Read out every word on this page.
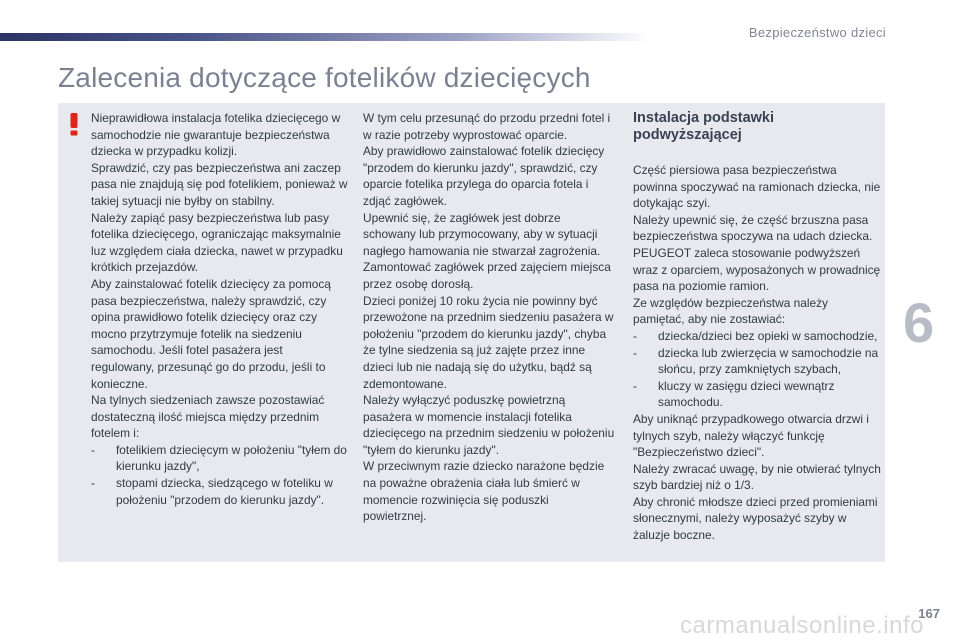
Bezpieczeństwo dzieci
Zalecenia dotyczące fotelików dziecięcych

Nieprawidłowa instalacja fotelika dziecięcego w samochodzie nie gwarantuje bezpieczeństwa dziecka w przypadku kolizji.

Sprawdzić, czy pas bezpieczeństwa ani zaczep pasa nie znajdują się pod fotelikiem, ponieważ w takiej sytuacji nie byłby on stabilny.

Należy zapiąć pasy bezpieczeństwa lub pasy fotelika dziecięcego, ograniczając maksymalnie luz względem ciała dziecka, nawet w przypadku krótkich przejazdów.

Aby zainstalować fotelik dziecięcy za pomocą pasa bezpieczeństwa, należy sprawdzić, czy opina prawidłowo fotelik dziecięcy oraz czy mocno przytrzymuje fotelik na siedzeniu samochodu. Jeśli fotel pasażera jest regulowany, przesunąć go do przodu, jeśli to konieczne.

Na tylnych siedzeniach zawsze pozostawiać dostateczną ilość miejsca między przednim fotelem i:

- fotelikiem dziecięcym w położeniu "tyłem do kierunku jazdy",
- stopami dziecka, siedzącego w foteliku w położeniu "przodem do kierunku jazdy".

W tym celu przesunąć do przodu przedni fotel i w razie potrzeby wyprostować oparcie.

Aby prawidłowo zainstalować fotelik dziecięcy "przodem do kierunku jazdy", sprawdzić, czy oparcie fotelika przylega do oparcia fotela i zdjąć zagłówek.

Upewnić się, że zagłówek jest dobrze schowany lub przymocowany, aby w sytuacji nagłego hamowania nie stwarzał zagrożenia. Zamontować zagłówek przed zajęciem miejsca przez osobę dorosłą.

Dzieci poniżej 10 roku życia nie powinny być przewożone na przednim siedzeniu pasażera w położeniu "przodem do kierunku jazdy", chyba że tylne siedzenia są już zajęte przez inne dzieci lub nie nadają się do użytku, bądź są zdemontowane.

Należy wyłączyć poduszkę powietrzną pasażera w momencie instalacji fotelika dziecięcego na przednim siedzeniu w położeniu "tyłem do kierunku jazdy".

W przeciwnym razie dziecko narażone będzie na poważne obrażenia ciała lub śmierć w momencie rozwinięcia się poduszki powietrznej.

Instalacja podstawki podwyższającej

Część piersiowa pasa bezpieczeństwa powinna spoczywać na ramionach dziecka, nie dotykając szyi.

Należy upewnić się, że część brzuszna pasa bezpieczeństwa spoczywa na udach dziecka.

PEUGEOT zaleca stosowanie podwyższeń wraz z oparciem, wyposażonych w prowadnicę pasa na poziomie ramion.

Ze względów bezpieczeństwa należy pamiętać, aby nie zostawiać:

- dziecka/dzieci bez opieki w samochodzie,
- dziecka lub zwierzęcia w samochodzie na słońcu, przy zamkniętych szybach,
- kluczy w zasięgu dzieci wewnątrz samochodu.

Aby uniknąć przypadkowego otwarcia drzwi i tylnych szyb, należy włączyć funkcję "Bezpieczeństwo dzieci".

Należy zwracać uwagę, by nie otwierać tylnych szyb bardziej niż o 1/3.

Aby chronić młodsze dzieci przed promieniami słonecznymi, należy wyposażyć szyby w żaluzje boczne.

6
carmanualsonline.info
167
